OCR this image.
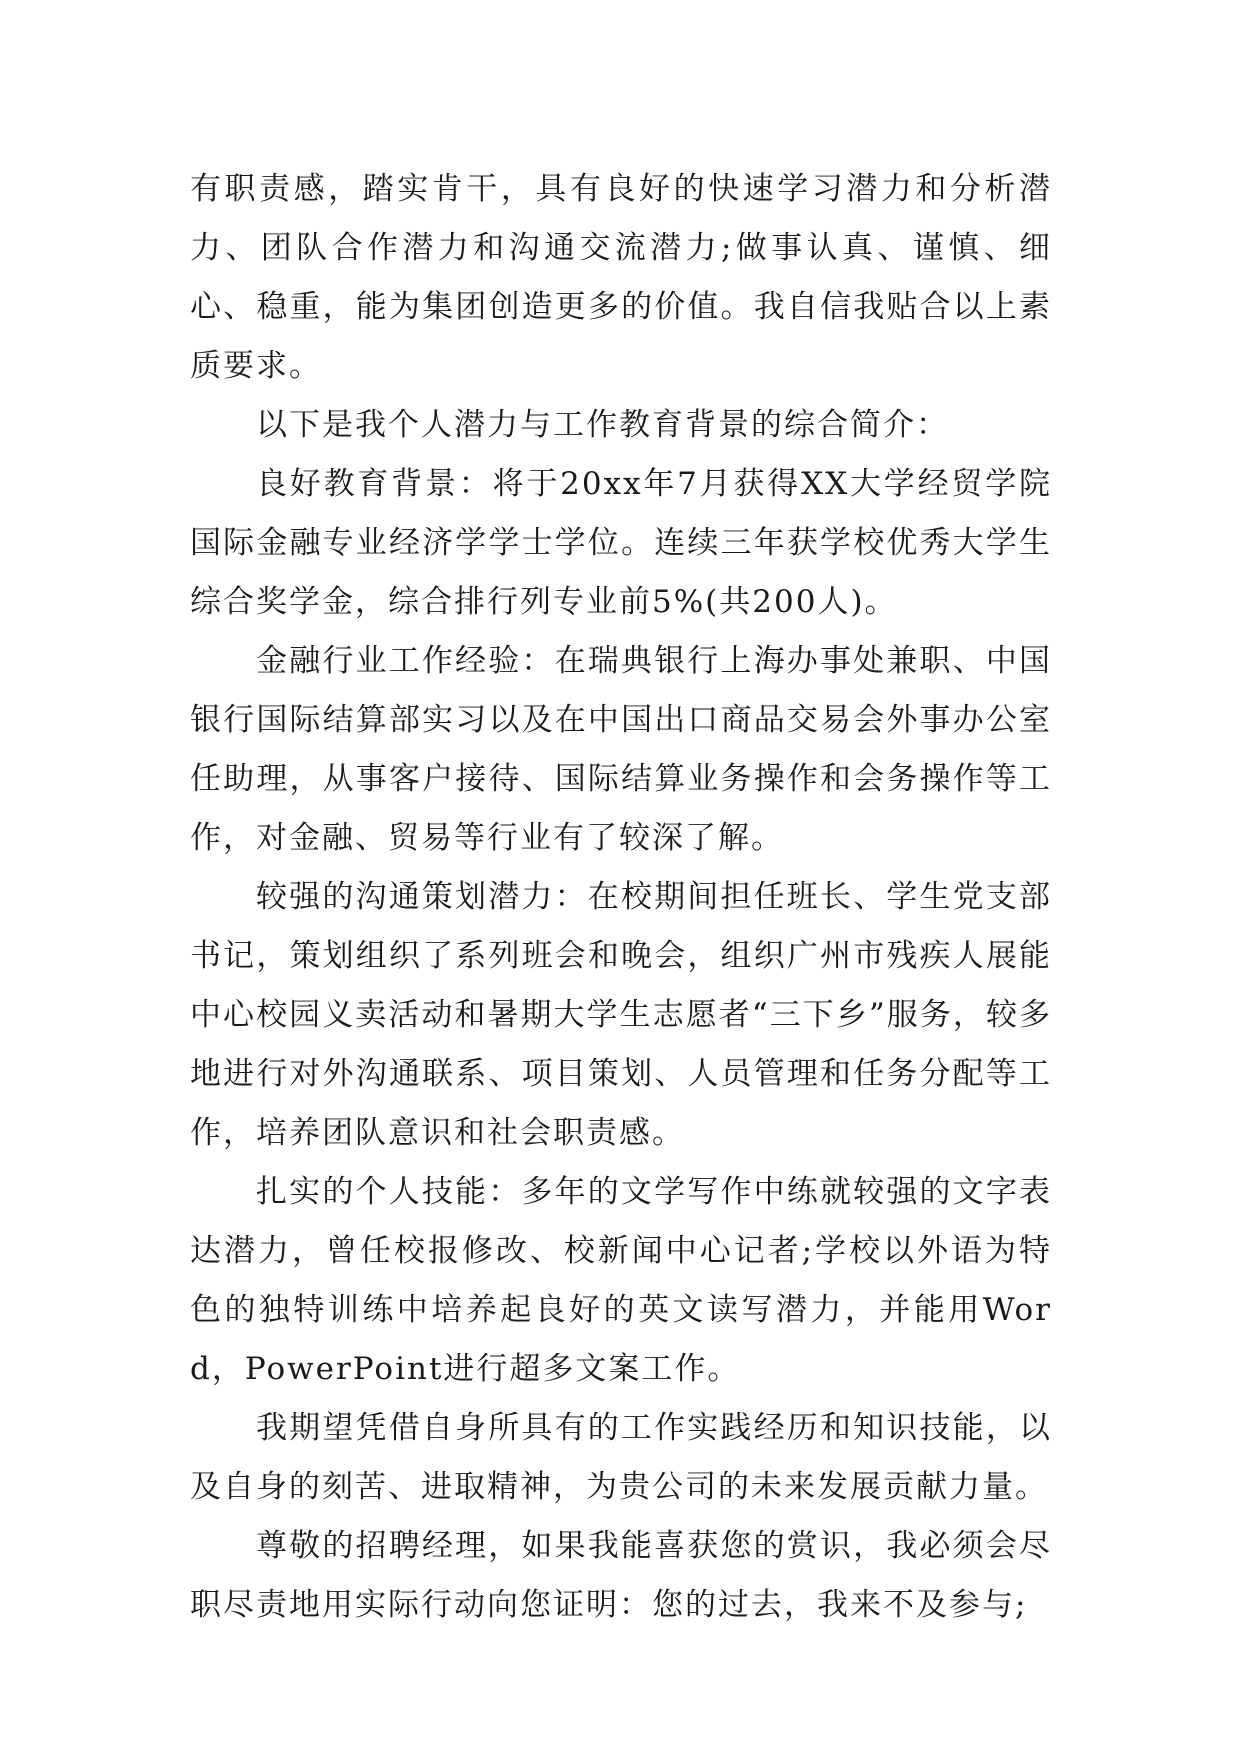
有职责感，踏实肯干，具有良好的快速学习潜力和分析潜力、团队合作潜力和沟通交流潜力;做事认真、谨慎、细心、稳重，能为集团创造更多的价值。我自信我贴合以上素质要求。

以下是我个人潜力与工作教育背景的综合简介：

良好教育背景：将于20xx年7月获得XX大学经贸学院国际金融专业经济学学士学位。连续三年获学校优秀大学生综合奖学金，综合排行列专业前5%(共200人)。

金融行业工作经验：在瑞典银行上海办事处兼职、中国银行国际结算部实习以及在中国出口商品交易会外事办公室任助理，从事客户接待、国际结算业务操作和会务操作等工作，对金融、贸易等行业有了较深了解。

较强的沟通策划潜力：在校期间担任班长、学生党支部书记，策划组织了系列班会和晚会，组织广州市残疾人展能中心校园义卖活动和暑期大学生志愿者“三下乡”服务，较多地进行对外沟通联系、项目策划、人员管理和任务分配等工作，培养团队意识和社会职责感。

扎实的个人技能：多年的文学写作中练就较强的文字表达潜力，曾任校报修改、校新闻中心记者;学校以外语为特色的独特训练中培养起良好的英文读写潜力，并能用Word，PowerPoint进行超多文案工作。

我期望凭借自身所具有的工作实践经历和知识技能，以及自身的刻苦、进取精神，为贵公司的未来发展贡献力量。

尊敬的招聘经理，如果我能喜获您的赏识，我必须会尽职尽责地用实际行动向您证明：您的过去，我来不及参与;
